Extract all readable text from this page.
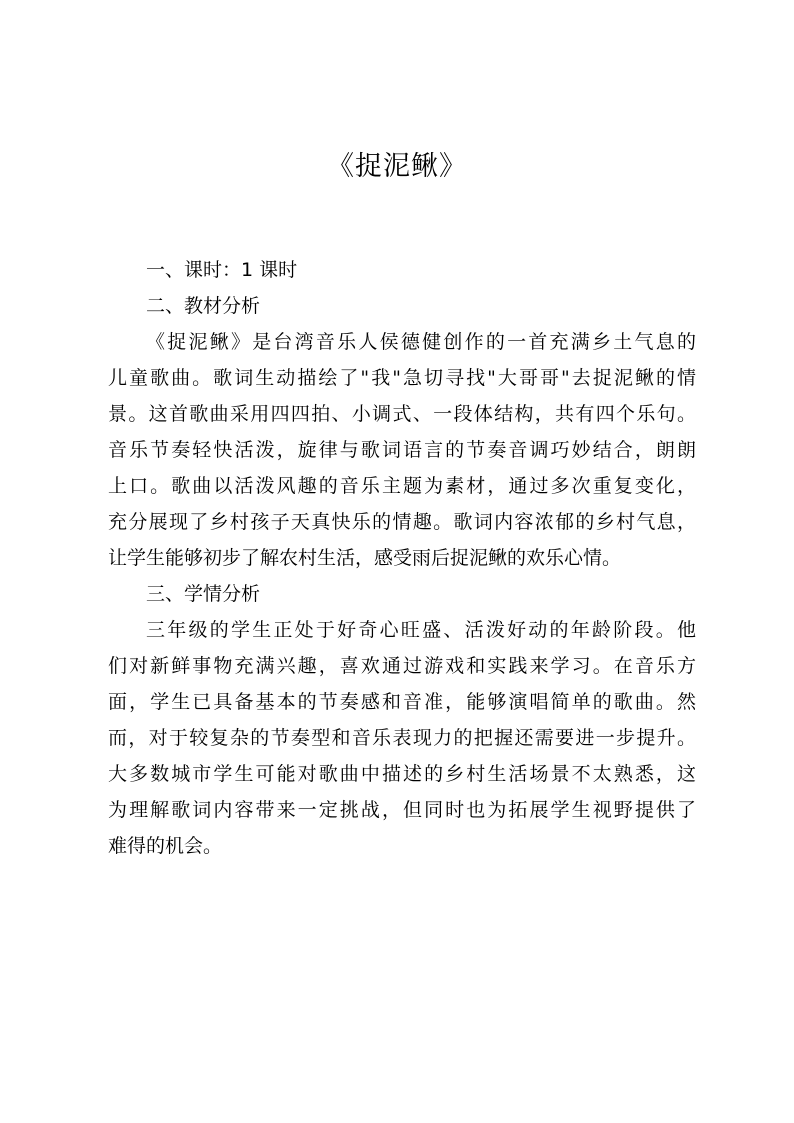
《捉泥鳅》
一、课时：1 课时
二、教材分析
《捉泥鳅》是台湾音乐人侯德健创作的一首充满乡土气息的
儿童歌曲。歌词生动描绘了"我"急切寻找"大哥哥"去捉泥鳅的情
景。这首歌曲采用四四拍、小调式、一段体结构，共有四个乐句。
音乐节奏轻快活泼，旋律与歌词语言的节奏音调巧妙结合，朗朗
上口。歌曲以活泼风趣的音乐主题为素材，通过多次重复变化，
充分展现了乡村孩子天真快乐的情趣。歌词内容浓郁的乡村气息，
让学生能够初步了解农村生活，感受雨后捉泥鳅的欢乐心情。
三、学情分析
三年级的学生正处于好奇心旺盛、活泼好动的年龄阶段。他
们对新鲜事物充满兴趣，喜欢通过游戏和实践来学习。在音乐方
面，学生已具备基本的节奏感和音准，能够演唱简单的歌曲。然
而，对于较复杂的节奏型和音乐表现力的把握还需要进一步提升。
大多数城市学生可能对歌曲中描述的乡村生活场景不太熟悉，这
为理解歌词内容带来一定挑战，但同时也为拓展学生视野提供了
难得的机会。
